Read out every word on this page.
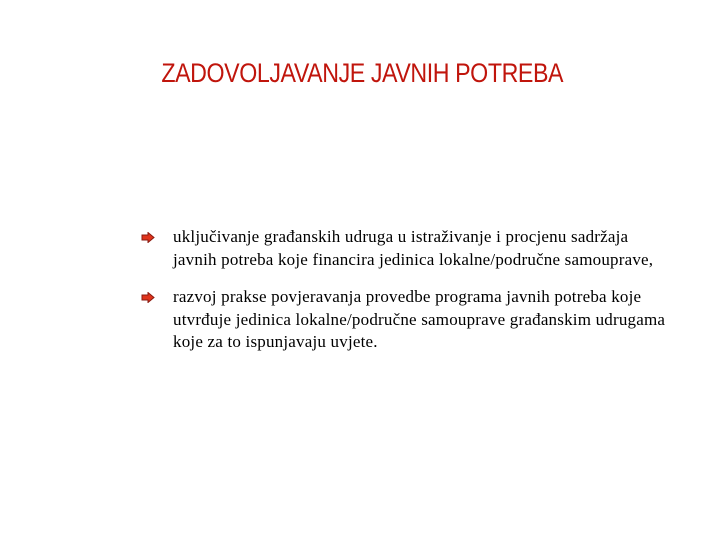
ZADOVOLJAVANJE JAVNIH POTREBA
uključivanje građanskih udruga u istraživanje i procjenu sadržaja javnih potreba koje financira jedinica lokalne/područne samouprave,
razvoj prakse povjeravanja provedbe programa javnih potreba koje utvrđuje jedinica lokalne/područne samouprave građanskim udrugama koje za to ispunjavaju uvjete.
